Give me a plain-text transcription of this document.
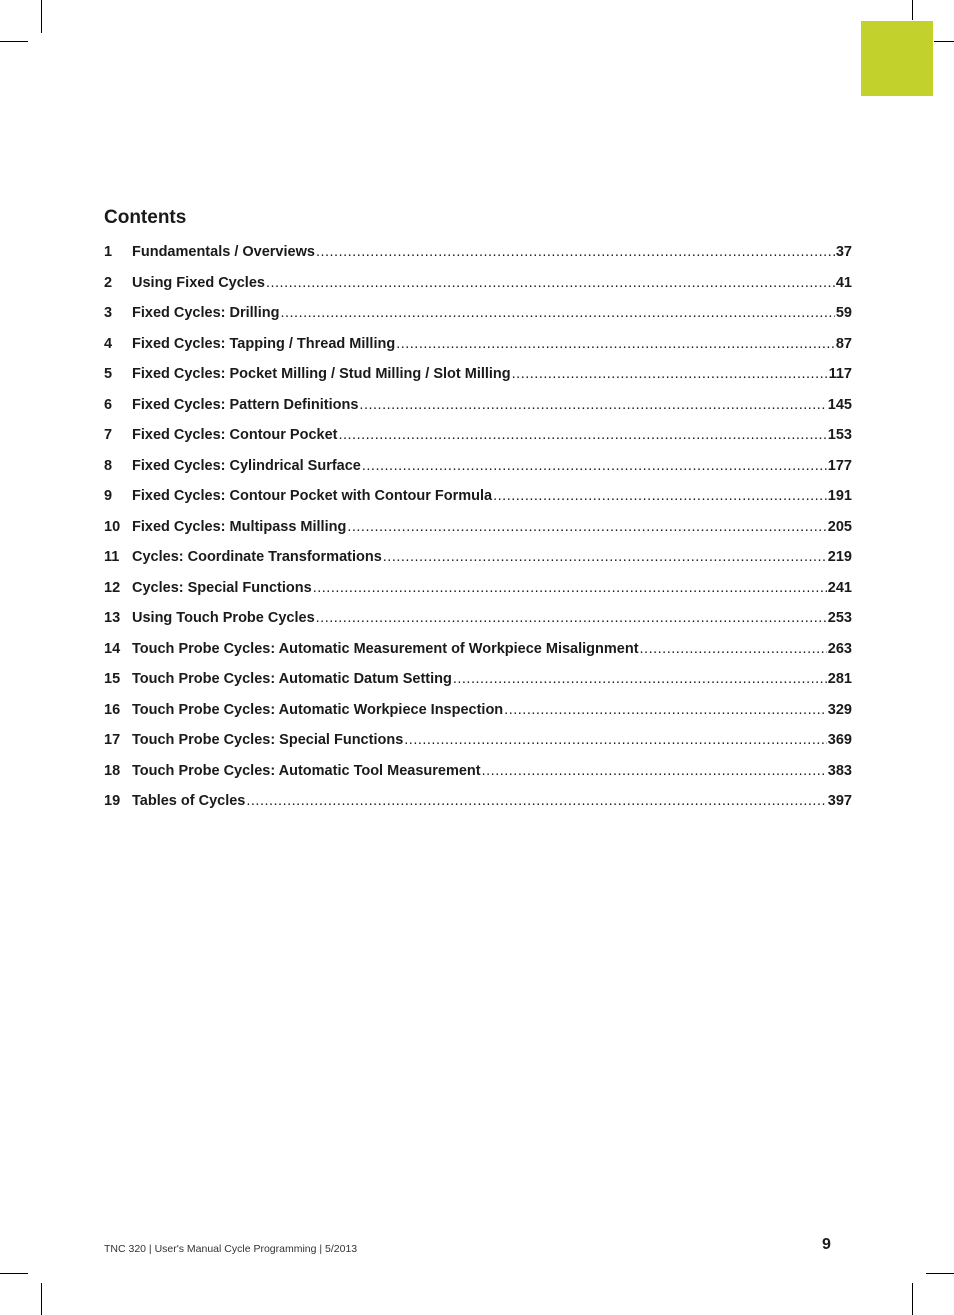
Contents
1	Fundamentals / Overviews .....	37
2	Using Fixed Cycles .....	41
3	Fixed Cycles: Drilling .....	59
4	Fixed Cycles: Tapping / Thread Milling .....	87
5	Fixed Cycles: Pocket Milling / Stud Milling / Slot Milling .....	117
6	Fixed Cycles: Pattern Definitions .....	145
7	Fixed Cycles: Contour Pocket .....	153
8	Fixed Cycles: Cylindrical Surface .....	177
9	Fixed Cycles: Contour Pocket with Contour Formula .....	191
10 Fixed Cycles: Multipass Milling .....	205
11 Cycles: Coordinate Transformations .....	219
12 Cycles: Special Functions .....	241
13 Using Touch Probe Cycles .....	253
14 Touch Probe Cycles: Automatic Measurement of Workpiece Misalignment .....	263
15 Touch Probe Cycles: Automatic Datum Setting .....	281
16 Touch Probe Cycles: Automatic Workpiece Inspection .....	329
17 Touch Probe Cycles: Special Functions .....	369
18 Touch Probe Cycles: Automatic Tool Measurement .....	383
19 Tables of Cycles .....	397
TNC 320 | User's Manual Cycle Programming | 5/2013	9
